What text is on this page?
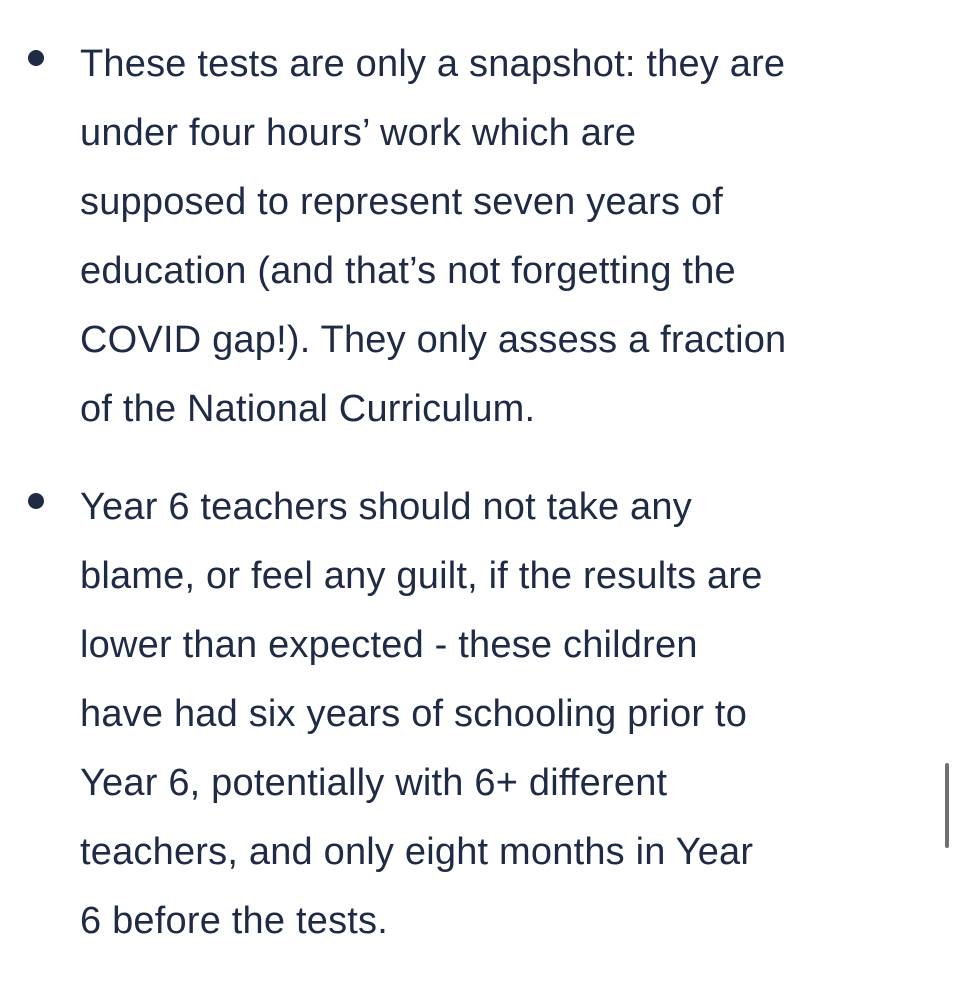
These tests are only a snapshot: they are
under four hours’ work which are
supposed to represent seven years of
education (and that’s not forgetting the
COVID gap!). They only assess a fraction
of the National Curriculum.
Year 6 teachers should not take any
blame, or feel any guilt, if the results are
lower than expected - these children
have had six years of schooling prior to
Year 6, potentially with 6+ different
teachers, and only eight months in Year
6 before the tests.
